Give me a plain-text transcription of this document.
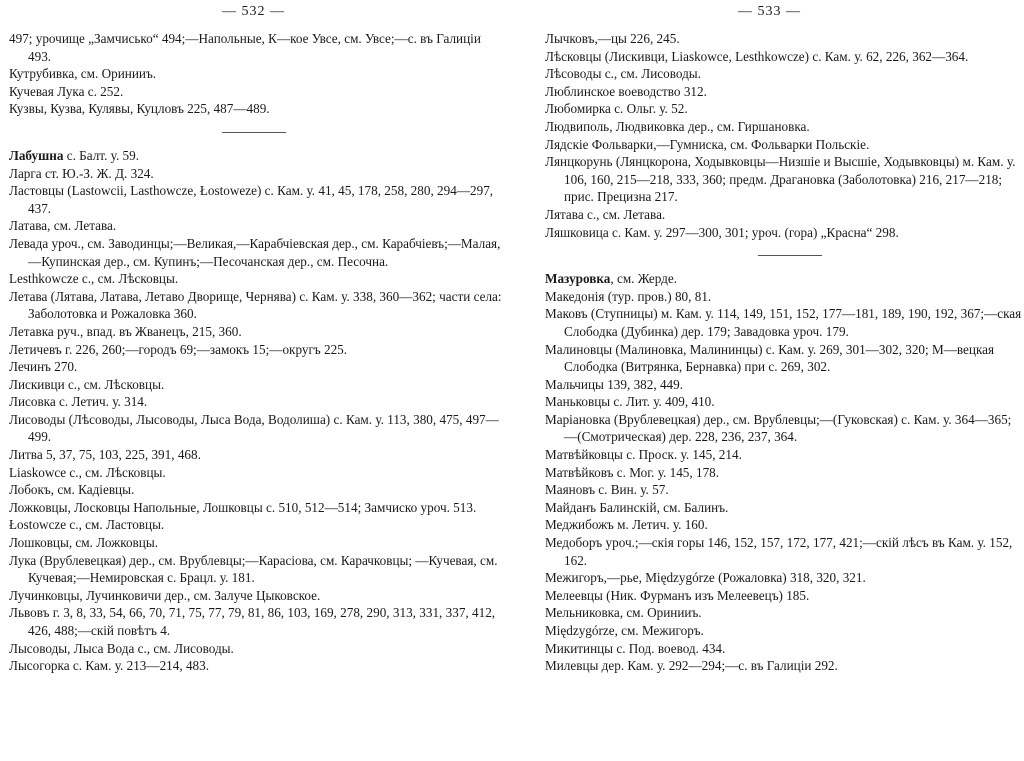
— 532 —
497; урочище „Замчисько“ 494;—Напольные, К—кое Увсе, см. Увсе;—с. въ Галиціи 493.
Кутрубивка, см. Оринииъ.
Кучевая Лука с. 252.
Кузвы, Кузва, Кулявы, Куцловъ 225, 487—489.
Лабушна с. Балт. у. 59.
Ларга ст. Ю.-З. Ж. Д. 324.
Ластовцы (Lastowcii, Lasthowcze, Łostoweze) с. Кам. у. 41, 45, 178, 258, 280, 294—297, 437.
Латава, см. Летава.
Левада уроч., см. Заводинцы;—Великая,—Карабчіевская дер., см. Карабчіевъ;—Малая,—Купинская дер., см. Купинъ;—Песочанская дер., см. Песочна.
Lesthkowcze с., см. Лѣсковцы.
Летава (Лятава, Латава, Летаво Дворище, Чернява) с. Кам. у. 338, 360—362; части села: Заболотовка и Рожаловка 360.
Летавка руч., впад. въ Жванецъ, 215, 360.
Летичевъ г. 226, 260;—городъ 69;—замокъ 15;—округъ 225.
Лечинъ 270.
Лискивци с., см. Лѣсковцы.
Лисовка с. Летич. у. 314.
Лисоводы (Лѣсоводы, Лысоводы, Лыса Вода, Водолиша) с. Кам. у. 113, 380, 475, 497—499.
Литва 5, 37, 75, 103, 225, 391, 468.
Liaskowce с., см. Лѣсковцы.
Лобокъ, см. Кадіевцы.
Ложковцы, Лосковцы Напольные, Лошковцы с. 510, 512—514; Замчиско уроч. 513.
Łostowcze с., см. Ластовцы.
Лошковцы, см. Ложковцы.
Лука (Врублевецкая) дер., см. Врублевцы;—Карасіова, см. Карачковцы; —Кучевая, см. Кучевая;—Немировская с. Брацл. у. 181.
Лучинковцы, Лучинковичи дер., см. Залуче Цыковское.
Львовъ г. 3, 8, 33, 54, 66, 70, 71, 75, 77, 79, 81, 86, 103, 169, 278, 290, 313, 331, 337, 412, 426, 488;—скій повѣтъ 4.
Лысоводы, Лыса Вода с., см. Лисоводы.
Лысогорка с. Кам. у. 213—214, 483.
— 533 —
Лычковъ,—цы 226, 245.
Лѣсковцы (Лискивци, Liaskowce, Lesthkowcze) с. Кам. у. 62, 226, 362—364.
Лѣсоводы с., см. Лисоводы.
Люблинское воеводство 312.
Любомирка с. Ольг. у. 52.
Людвиполь, Людвиковка дер., см. Гиршановка.
Лядскіе Фольварки,—Гумниска, см. Фольварки Польскіе.
Лянцкорунь (Лянцкорона, Ходывковцы—Низшіе и Высшіе, Ходывковцы) м. Кам. у. 106, 160, 215—218, 333, 360; предм. Драгановка (Заболотовка) 216, 217—218; прис. Прецизна 217.
Лятава с., см. Летава.
Ляшковица с. Кам. у. 297—300, 301; уроч. (гора) „Красна“ 298.
Мазуровка, см. Жерде.
Македонія (тур. пров.) 80, 81.
Маковъ (Ступницы) м. Кам. у. 114, 149, 151, 152, 177—181, 189, 190, 192, 367;—ская Слободка (Дубинка) дер. 179; Завадовка уроч. 179.
Малиновцы (Малиновка, Малининцы) с. Кам. у. 269, 301—302, 320; М—вецкая Слободка (Витрянка, Бернавка) при с. 269, 302.
Мальчицы 139, 382, 449.
Маньковцы с. Лит. у. 409, 410.
Маріановка (Врублевецкая) дер., см. Врублевцы;—(Гуковская) с. Кам. у. 364—365;—(Смотрическая) дер. 228, 236, 237, 364.
Матвѣйковцы с. Проск. у. 145, 214.
Матвѣйковъ с. Мог. у. 145, 178.
Маяновъ с. Вин. у. 57.
Майданъ Балинскій, см. Балинъ.
Меджибожъ м. Летич. у. 160.
Медоборъ уроч.;—скія горы 146, 152, 157, 172, 177, 421;—скій лѣсъ въ Кам. у. 152, 162.
Межигоръ,—рье, Międzygórze (Рожаловка) 318, 320, 321.
Мелеевцы (Ник. Фурманъ изъ Мелеевецъ) 185.
Мельниковка, см. Оринииъ.
Międzygórze, см. Межигоръ.
Микитинцы с. Под. воевод. 434.
Милевцы дер. Кам. у. 292—294;—с. въ Галиціи 292.
